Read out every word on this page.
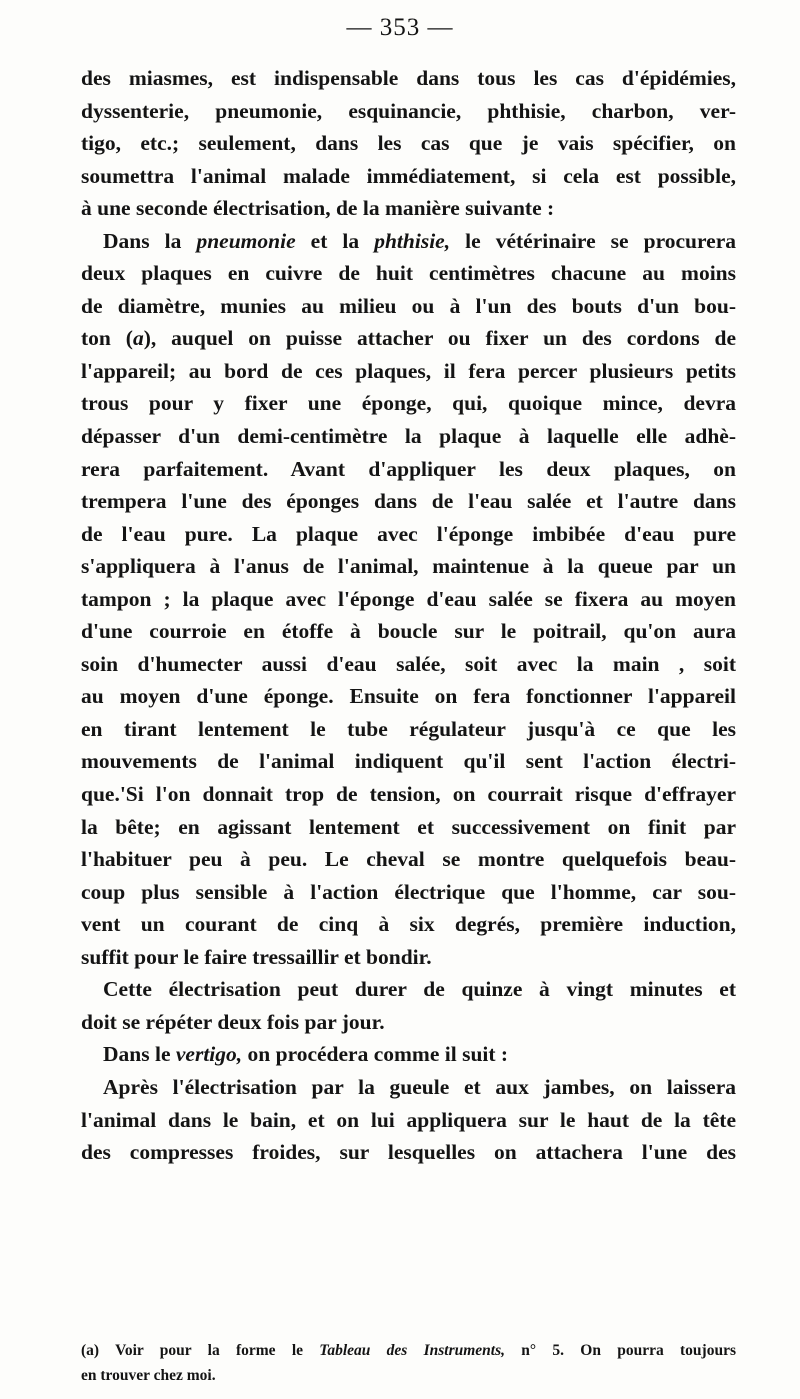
— 353 —
des miasmes, est indispensable dans tous les cas d'épidémies,
dyssenterie, pneumonie, esquinancie, phthisie, charbon, ver-
tigo, etc.; seulement, dans les cas que je vais spécifier, on
soumettra l'animal malade immédiatement, si cela est possible,
à une seconde électrisation, de la manière suivante :
Dans la pneumonie et la phthisie, le vétérinaire se procurera
deux plaques en cuivre de huit centimètres chacune au moins
de diamètre, munies au milieu ou à l'un des bouts d'un bou-
ton (a), auquel on puisse attacher ou fixer un des cordons de
l'appareil; au bord de ces plaques, il fera percer plusieurs petits
trous pour y fixer une éponge, qui, quoique mince, devra
dépasser d'un demi-centimètre la plaque à laquelle elle adhè-
rera parfaitement. Avant d'appliquer les deux plaques, on
trempera l'une des éponges dans de l'eau salée et l'autre dans
de l'eau pure. La plaque avec l'éponge imbibée d'eau pure
s'appliquera à l'anus de l'animal, maintenue à la queue par un
tampon ; la plaque avec l'éponge d'eau salée se fixera au moyen
d'une courroie en étoffe à boucle sur le poitrail, qu'on aura
soin d'humecter aussi d'eau salée, soit avec la main , soit
au moyen d'une éponge. Ensuite on fera fonctionner l'appareil
en tirant lentement le tube régulateur jusqu'à ce que les
mouvements de l'animal indiquent qu'il sent l'action électri-
que.'Si l'on donnait trop de tension, on courrait risque d'effrayer
la bête; en agissant lentement et successivement on finit par
l'habituer peu à peu. Le cheval se montre quelquefois beau-
coup plus sensible à l'action électrique que l'homme, car sou-
vent un courant de cinq à six degrés, première induction,
suffit pour le faire tressaillir et bondir.
Cette électrisation peut durer de quinze à vingt minutes et
doit se répéter deux fois par jour.
Dans le vertigo, on procédera comme il suit :
Après l'électrisation par la gueule et aux jambes, on laissera
l'animal dans le bain, et on lui appliquera sur le haut de la tête
des compresses froides, sur lesquelles on attachera l'une des
(a) Voir pour la forme le Tableau des Instruments, n° 5. On pourra toujours
en trouver chez moi.
